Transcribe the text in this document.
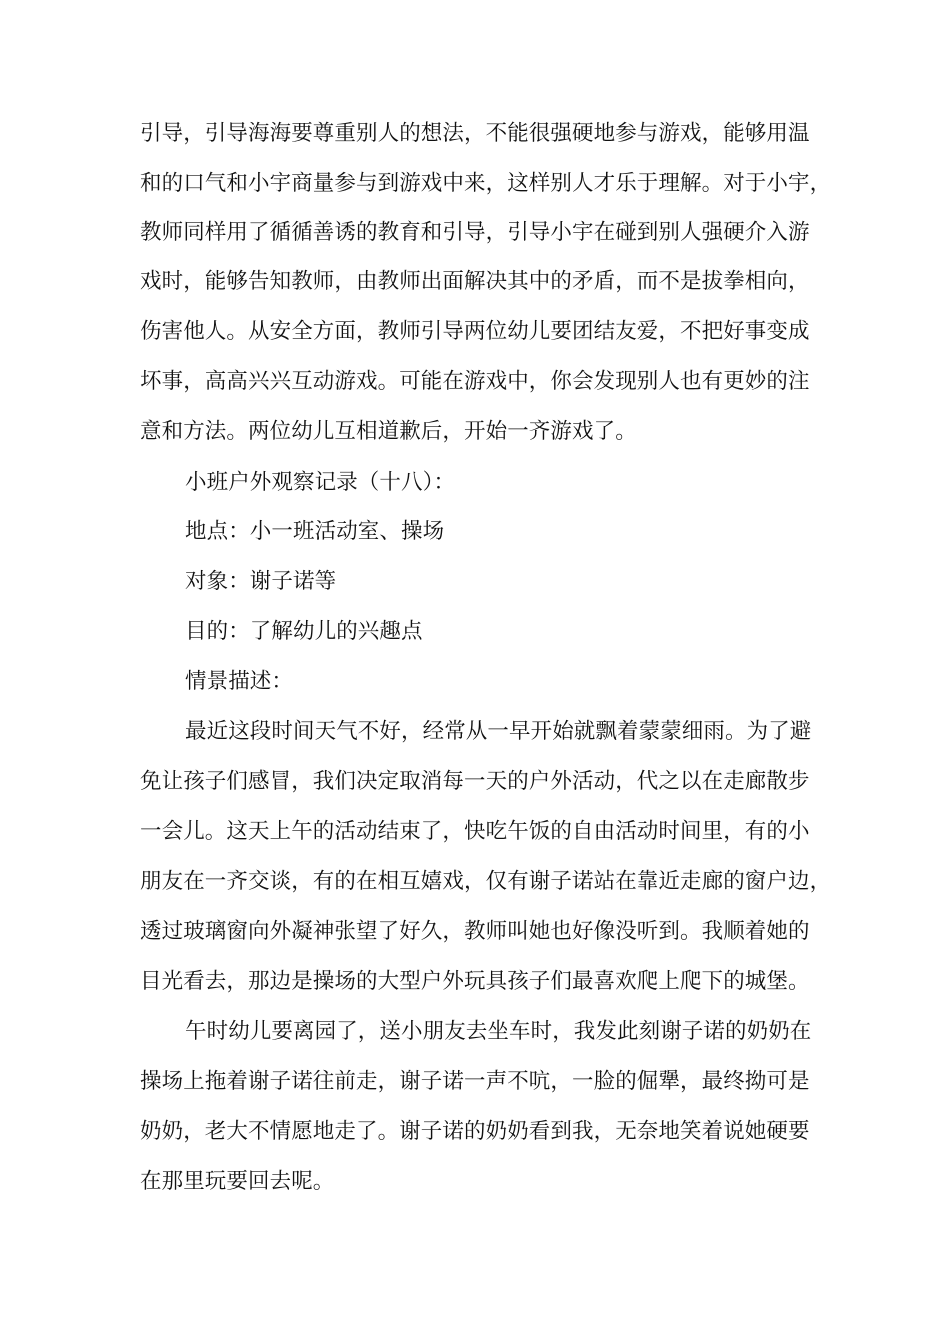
引导，引导海海要尊重别人的想法，不能很强硬地参与游戏，能够用温
和的口气和小宇商量参与到游戏中来，这样别人才乐于理解。对于小宇，
教师同样用了循循善诱的教育和引导，引导小宇在碰到别人强硬介入游
戏时，能够告知教师，由教师出面解决其中的矛盾，而不是拔拳相向，
伤害他人。从安全方面，教师引导两位幼儿要团结友爱，不把好事变成
坏事，高高兴兴互动游戏。可能在游戏中，你会发现别人也有更妙的注
意和方法。两位幼儿互相道歉后，开始一齐游戏了。
小班户外观察记录（十八）：
地点：小一班活动室、操场
对象：谢子诺等
目的：了解幼儿的兴趣点
情景描述：
最近这段时间天气不好，经常从一早开始就飘着蒙蒙细雨。为了避
免让孩子们感冒，我们决定取消每一天的户外活动，代之以在走廊散步
一会儿。这天上午的活动结束了，快吃午饭的自由活动时间里，有的小
朋友在一齐交谈，有的在相互嬉戏，仅有谢子诺站在靠近走廊的窗户边，
透过玻璃窗向外凝神张望了好久，教师叫她也好像没听到。我顺着她的
目光看去，那边是操场的大型户外玩具孩子们最喜欢爬上爬下的城堡。
午时幼儿要离园了，送小朋友去坐车时，我发此刻谢子诺的奶奶在
操场上拖着谢子诺往前走，谢子诺一声不吭，一脸的倔犟，最终拗可是
奶奶，老大不情愿地走了。谢子诺的奶奶看到我，无奈地笑着说她硬要
在那里玩要回去呢。
